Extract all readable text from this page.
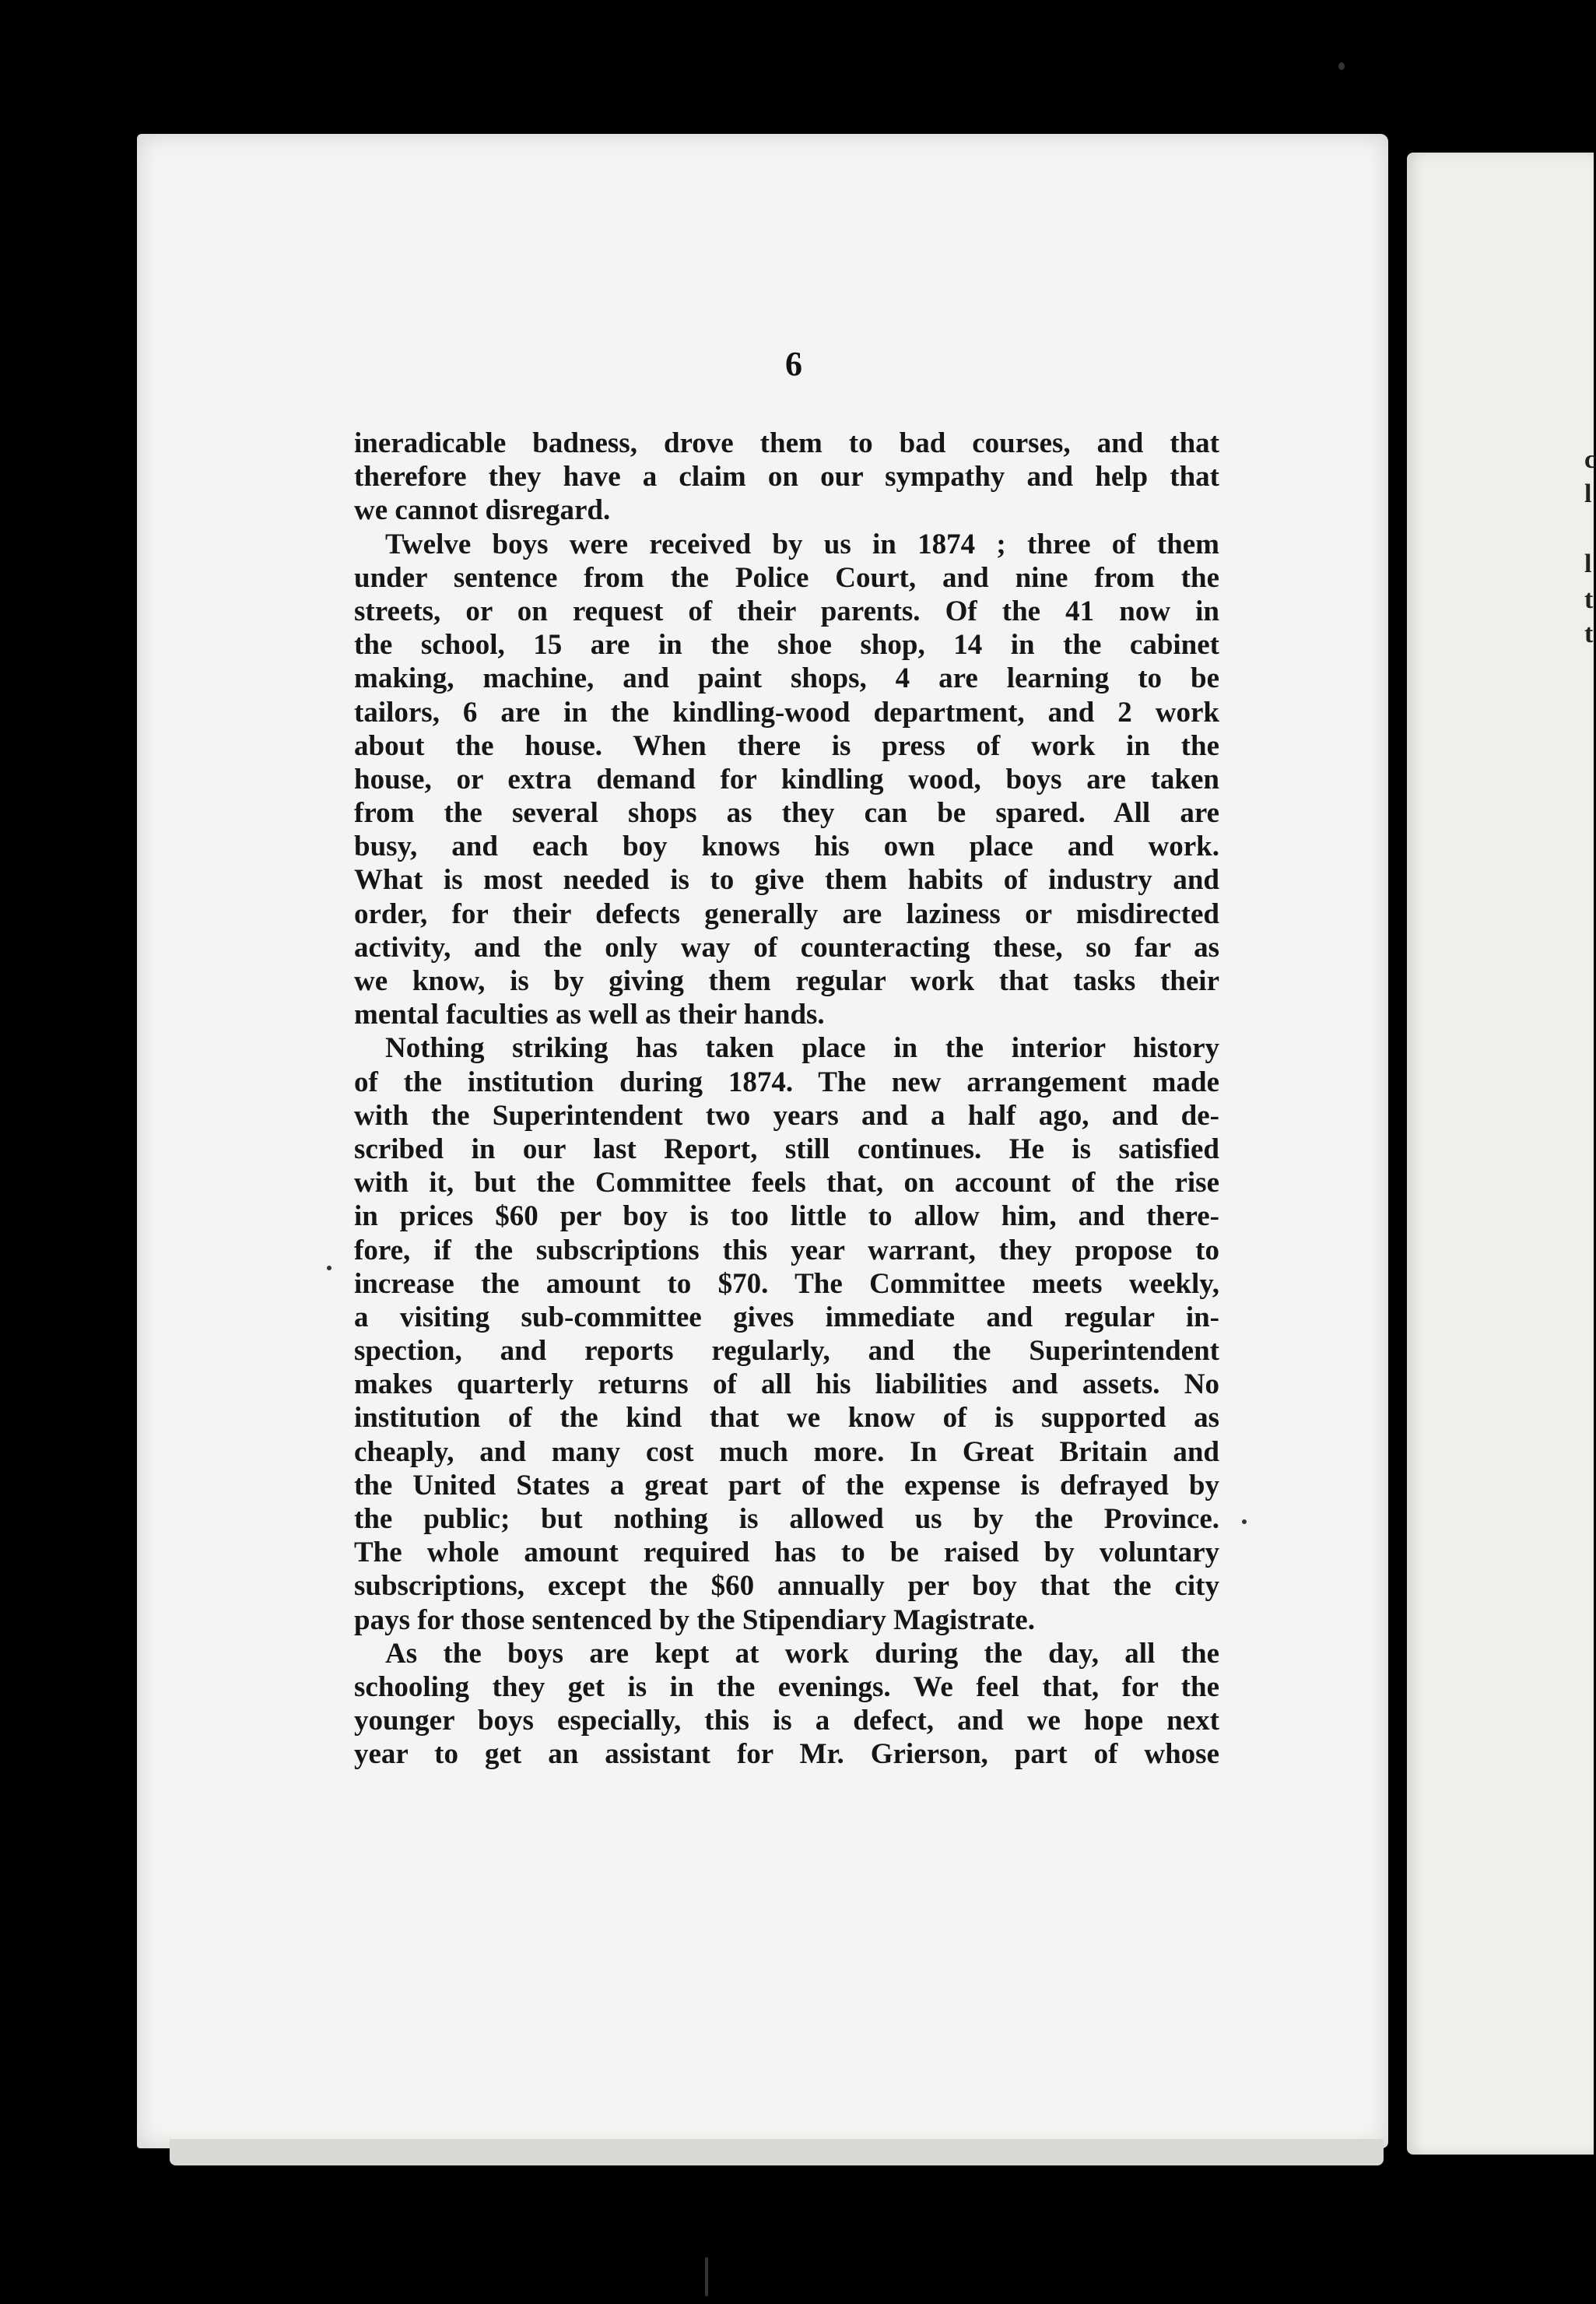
c
l
l
t
t
6
ineradicable badness, drove them to bad courses, and that
therefore they have a claim on our sympathy and help that
we cannot disregard.
Twelve boys were received by us in 1874 ; three of them
under sentence from the Police Court, and nine from the
streets, or on request of their parents. Of the 41 now in
the school, 15 are in the shoe shop, 14 in the cabinet
making, machine, and paint shops, 4 are learning to be
tailors, 6 are in the kindling-wood department, and 2 work
about the house. When there is press of work in the
house, or extra demand for kindling wood, boys are taken
from the several shops as they can be spared. All are
busy, and each boy knows his own place and work.
What is most needed is to give them habits of industry and
order, for their defects generally are laziness or misdirected
activity, and the only way of counteracting these, so far as
we know, is by giving them regular work that tasks their
mental faculties as well as their hands.
Nothing striking has taken place in the interior history
of the institution during 1874. The new arrangement made
with the Superintendent two years and a half ago, and de-
scribed in our last Report, still continues. He is satisfied
with it, but the Committee feels that, on account of the rise
in prices $60 per boy is too little to allow him, and there-
fore, if the subscriptions this year warrant, they propose to
increase the amount to $70. The Committee meets weekly,
a visiting sub-committee gives immediate and regular in-
spection, and reports regularly, and the Superintendent
makes quarterly returns of all his liabilities and assets. No
institution of the kind that we know of is supported as
cheaply, and many cost much more. In Great Britain and
the United States a great part of the expense is defrayed by
the public; but nothing is allowed us by the Province.
The whole amount required has to be raised by voluntary
subscriptions, except the $60 annually per boy that the city
pays for those sentenced by the Stipendiary Magistrate.
As the boys are kept at work during the day, all the
schooling they get is in the evenings. We feel that, for the
younger boys especially, this is a defect, and we hope next
year to get an assistant for Mr. Grierson, part of whose
